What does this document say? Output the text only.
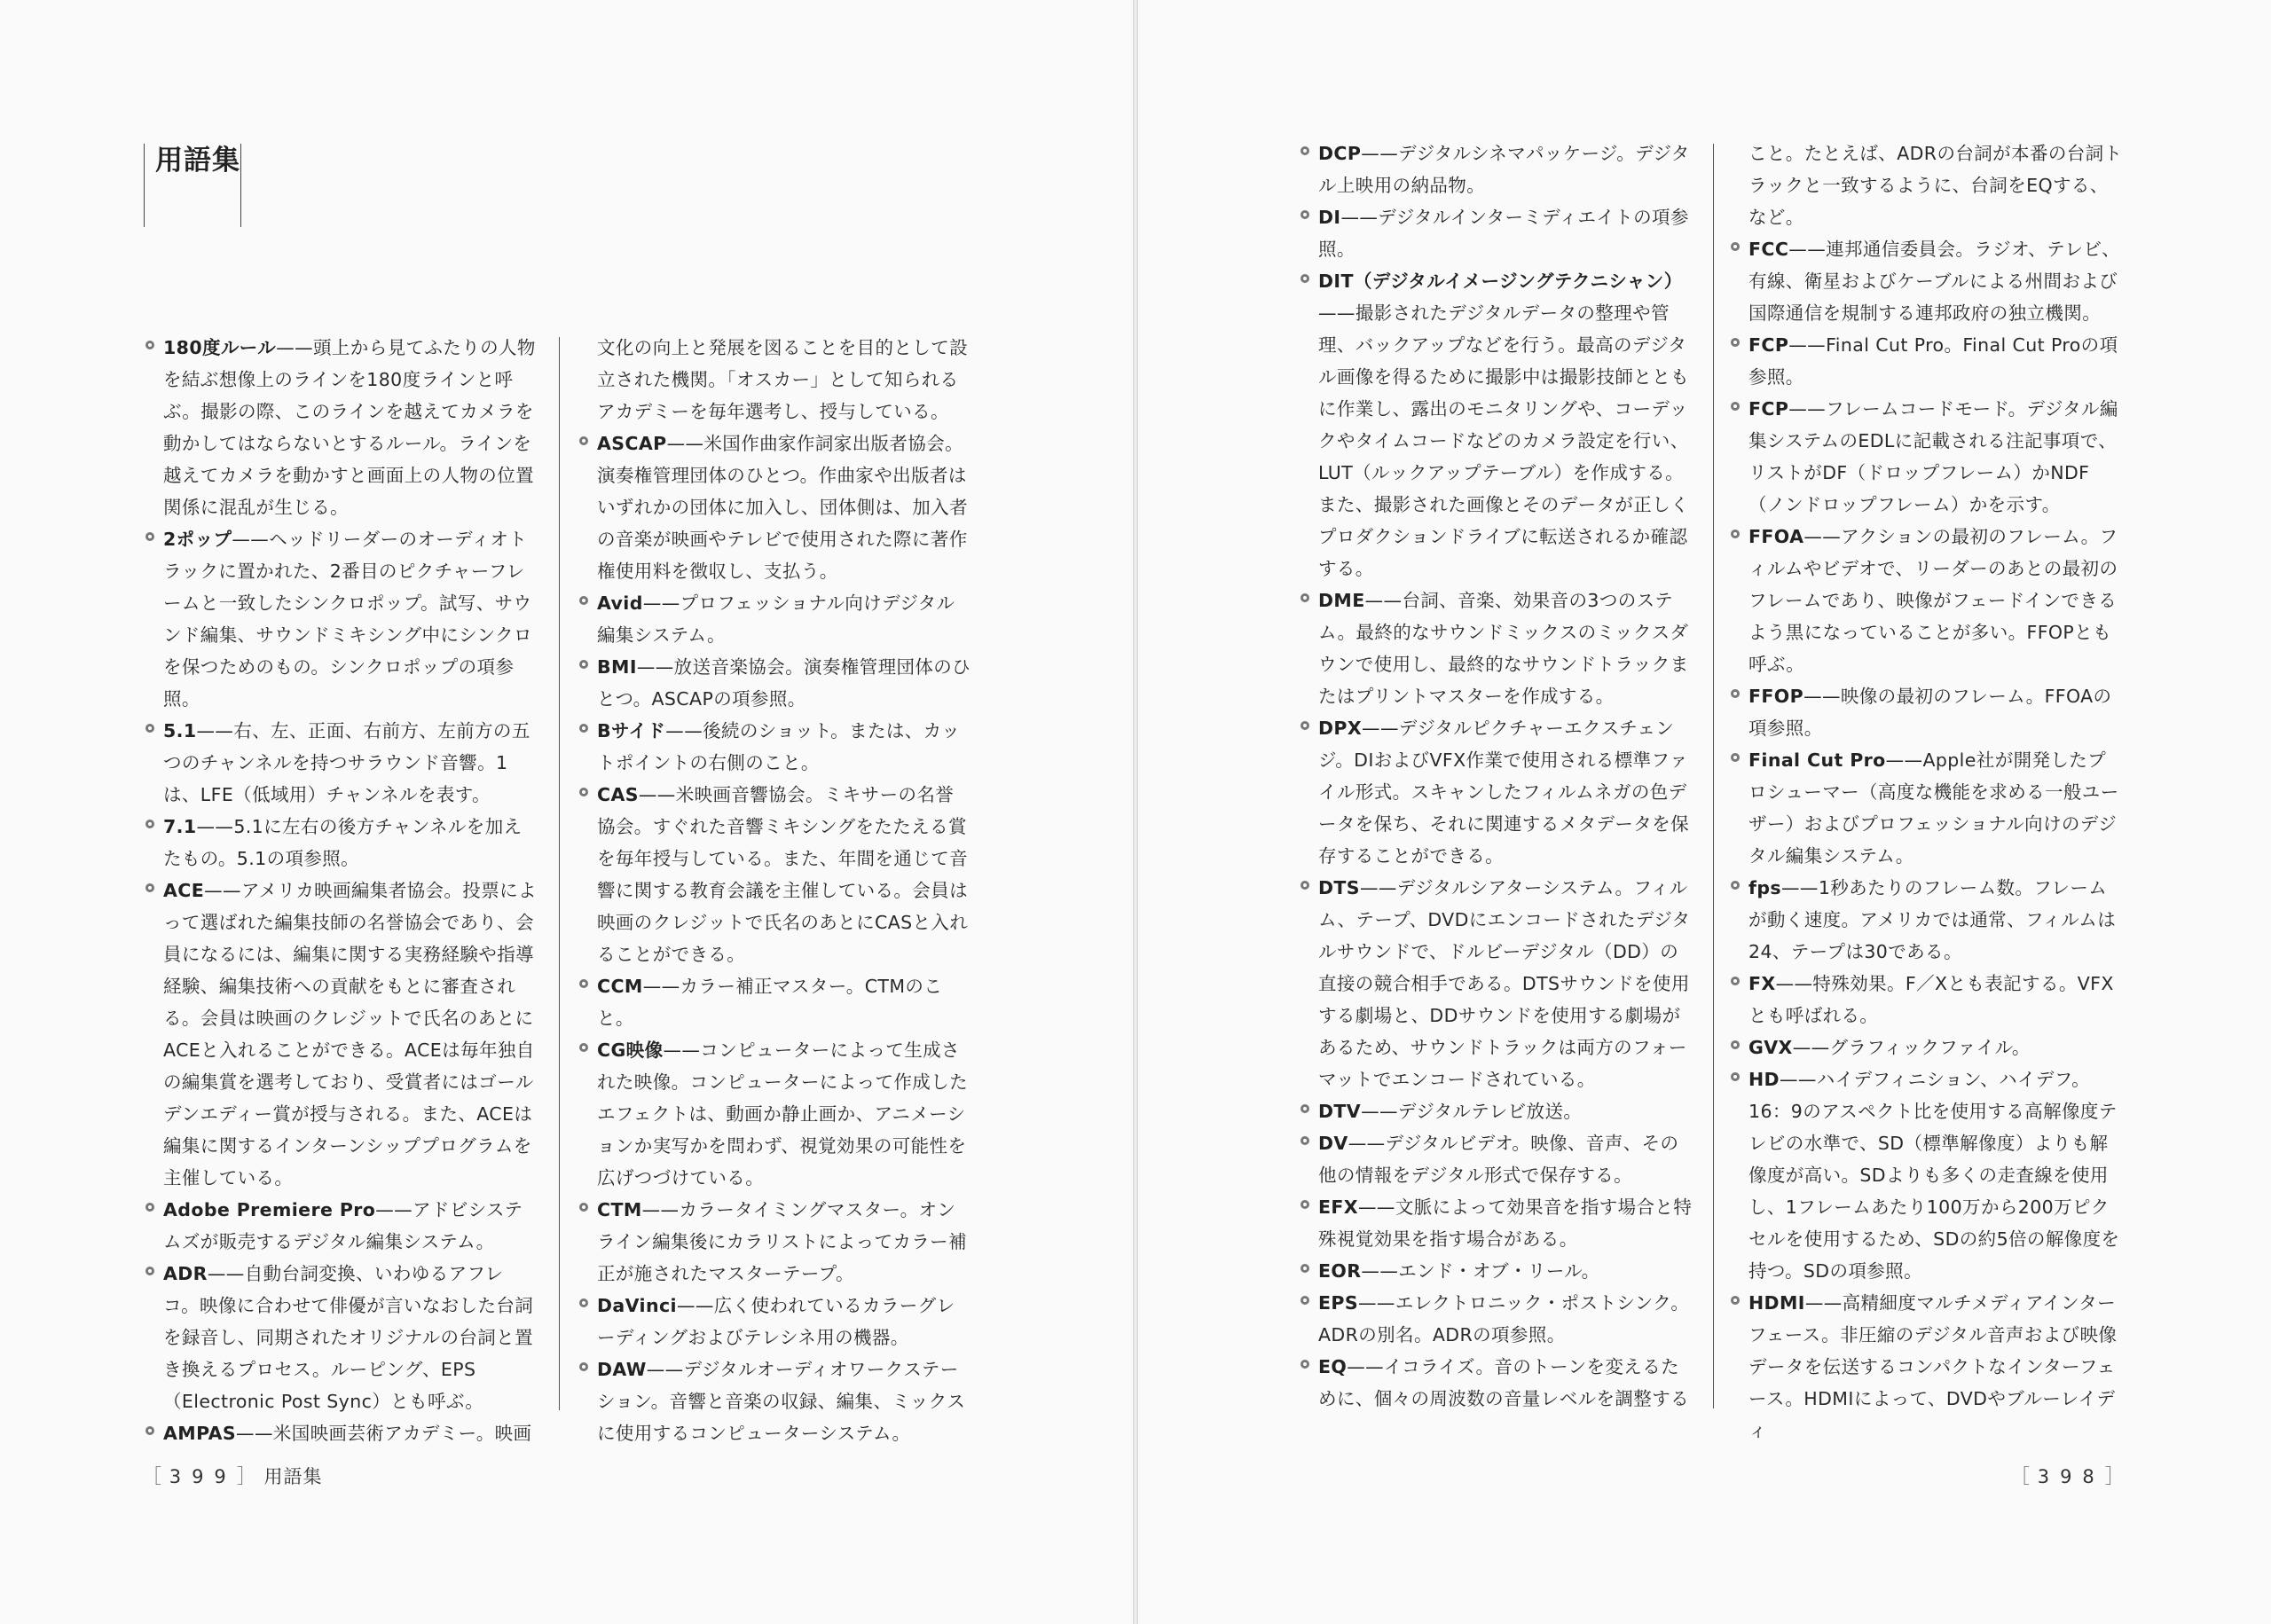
用語集

180度ルール——頭上から見てふたりの人物を結ぶ想像上のラインを180度ラインと呼ぶ。撮影の際、このラインを越えてカメラを動かしてはならないとするルール。ラインを越えてカメラを動かすと画面上の人物の位置関係に混乱が生じる。

2ポップ——ヘッドリーダーのオーディオトラックに置かれた、2番目のピクチャーフレームと一致したシンクロポップ。試写、サウンド編集、サウンドミキシング中にシンクロを保つためのもの。シンクロポップの項参照。

5.1——右、左、正面、右前方、左前方の五つのチャンネルを持つサラウンド音響。1は、LFE（低域用）チャンネルを表す。

7.1——5.1に左右の後方チャンネルを加えたもの。5.1の項参照。

ACE——アメリカ映画編集者協会。投票によって選ばれた編集技師の名誉協会であり、会員になるには、編集に関する実務経験や指導経験、編集技術への貢献をもとに審査される。会員は映画のクレジットで氏名のあとにACEと入れることができる。ACEは毎年独自の編集賞を選考しており、受賞者にはゴールデンエディー賞が授与される。また、ACEは編集に関するインターンシッププログラムを主催している。

Adobe Premiere Pro——アドビシステムズが販売するデジタル編集システム。

ADR——自動台詞変換、いわゆるアフレコ。映像に合わせて俳優が言いなおした台詞を録音し、同期されたオリジナルの台詞と置き換えるプロセス。ルーピング、EPS（Electronic Post Sync）とも呼ぶ。

AMPAS——米国映画芸術アカデミー。映画

文化の向上と発展を図ることを目的として設立された機関。「オスカー」として知られるアカデミーを毎年選考し、授与している。

ASCAP——米国作曲家作詞家出版者協会。演奏権管理団体のひとつ。作曲家や出版者はいずれかの団体に加入し、団体側は、加入者の音楽が映画やテレビで使用された際に著作権使用料を徴収し、支払う。

Avid——プロフェッショナル向けデジタル編集システム。

BMI——放送音楽協会。演奏権管理団体のひとつ。ASCAPの項参照。

Bサイド——後続のショット。または、カットポイントの右側のこと。

CAS——米映画音響協会。ミキサーの名誉協会。すぐれた音響ミキシングをたたえる賞を毎年授与している。また、年間を通じて音響に関する教育会議を主催している。会員は映画のクレジットで氏名のあとにCASと入れることができる。

CCM——カラー補正マスター。CTMのこと。

CG映像——コンピューターによって生成された映像。コンピューターによって作成したエフェクトは、動画か静止画か、アニメーションか実写かを問わず、視覚効果の可能性を広げつづけている。

CTM——カラータイミングマスター。オンライン編集後にカラリストによってカラー補正が施されたマスターテープ。

DaVinci——広く使われているカラーグレーディングおよびテレシネ用の機器。

DAW——デジタルオーディオワークステーション。音響と音楽の収録、編集、ミックスに使用するコンピューターシステム。

［ 399］ 用語集

DCP——デジタルシネマパッケージ。デジタル上映用の納品物。

DI——デジタルインターミディエイトの項参照。

DIT（デジタルイメージングテクニシャン）——撮影されたデジタルデータの整理や管理、バックアップなどを行う。最高のデジタル画像を得るために撮影中は撮影技師とともに作業し、露出のモニタリングや、コーデックやタイムコードなどのカメラ設定を行い、LUT（ルックアップテーブル）を作成する。また、撮影された画像とそのデータが正しくプロダクションドライブに転送されるか確認する。

DME——台詞、音楽、効果音の3つのステム。最終的なサウンドミックスのミックスダウンで使用し、最終的なサウンドトラックまたはプリントマスターを作成する。

DPX——デジタルピクチャーエクスチェンジ。DIおよびVFX作業で使用される標準ファイル形式。スキャンしたフィルムネガの色データを保ち、それに関連するメタデータを保存することができる。

DTS——デジタルシアターシステム。フィルム、テープ、DVDにエンコードされたデジタルサウンドで、ドルビーデジタル（DD）の直接の競合相手である。DTSサウンドを使用する劇場と、DDサウンドを使用する劇場があるため、サウンドトラックは両方のフォーマットでエンコードされている。

DTV——デジタルテレビ放送。

DV——デジタルビデオ。映像、音声、その他の情報をデジタル形式で保存する。

EFX——文脈によって効果音を指す場合と特殊視覚効果を指す場合がある。

EOR——エンド・オブ・リール。

EPS——エレクトロニック・ポストシンク。ADRの別名。ADRの項参照。

EQ——イコライズ。音のトーンを変えるために、個々の周波数の音量レベルを調整する

こと。たとえば、ADRの台詞が本番の台詞トラックと一致するように、台詞をEQする、など。

FCC——連邦通信委員会。ラジオ、テレビ、有線、衛星およびケーブルによる州間および国際通信を規制する連邦政府の独立機関。

FCP——Final Cut Pro。Final Cut Proの項参照。

FCP——フレームコードモード。デジタル編集システムのEDLに記載される注記事項で、リストがDF（ドロップフレーム）かNDF（ノンドロップフレーム）かを示す。

FFOA——アクションの最初のフレーム。フィルムやビデオで、リーダーのあとの最初のフレームであり、映像がフェードインできるよう黒になっていることが多い。FFOPとも呼ぶ。

FFOP——映像の最初のフレーム。FFOAの項参照。

Final Cut Pro——Apple社が開発したプロシューマー（高度な機能を求める一般ユーザー）およびプロフェッショナル向けのデジタル編集システム。

fps——1秒あたりのフレーム数。フレームが動く速度。アメリカでは通常、フィルムは24、テープは30である。

FX——特殊効果。F／Xとも表記する。VFXとも呼ばれる。

GVX——グラフィックファイル。

HD——ハイデフィニション、ハイデフ。16：9のアスペクト比を使用する高解像度テレビの水準で、SD（標準解像度）よりも解像度が高い。SDよりも多くの走査線を使用し、1フレームあたり100万から200万ピクセルを使用するため、SDの約5倍の解像度を持つ。SDの項参照。

HDMI——高精細度マルチメディアインターフェース。非圧縮のデジタル音声および映像データを伝送するコンパクトなインターフェース。HDMIによって、DVDやブルーレイディ

［ 398］
